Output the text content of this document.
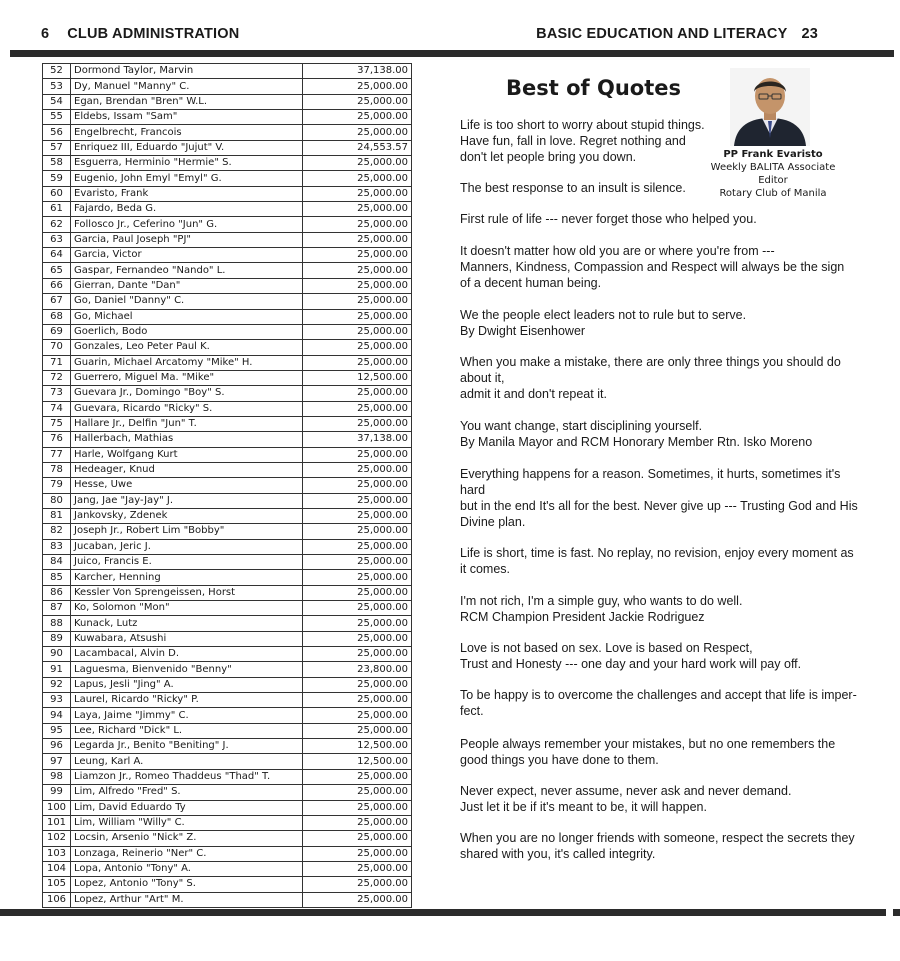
6 CLUB ADMINISTRATION	BASIC EDUCATION AND LITERACY 23
52	Dormond Taylor, Marvin	37,138.00
53	Dy, Manuel "Manny" C.	25,000.00
54	Egan, Brendan "Bren" W.L.	25,000.00
55	Eldebs, Issam "Sam"	25,000.00
56	Engelbrecht, Francois	25,000.00
57	Enriquez III, Eduardo "Jujut" V.	24,553.57
58	Esguerra, Herminio "Hermie" S.	25,000.00
59	Eugenio, John Emyl "Emyl" G.	25,000.00
60	Evaristo, Frank	25,000.00
61	Fajardo, Beda G.	25,000.00
62	Follosco Jr., Ceferino "Jun" G.	25,000.00
63	Garcia, Paul Joseph "PJ"	25,000.00
64	Garcia, Victor	25,000.00
65	Gaspar, Fernandeo "Nando" L.	25,000.00
66	Gierran, Dante "Dan"	25,000.00
67	Go, Daniel "Danny" C.	25,000.00
68	Go, Michael	25,000.00
69	Goerlich, Bodo	25,000.00
70	Gonzales, Leo Peter Paul K.	25,000.00
71	Guarin, Michael Arcatomy "Mike" H.	25,000.00
72	Guerrero, Miguel Ma. "Mike"	12,500.00
73	Guevara Jr., Domingo "Boy" S.	25,000.00
74	Guevara, Ricardo "Ricky" S.	25,000.00
75	Hallare Jr., Delfin "Jun" T.	25,000.00
76	Hallerbach, Mathias	37,138.00
77	Harle, Wolfgang Kurt	25,000.00
78	Hedeager, Knud	25,000.00
79	Hesse, Uwe	25,000.00
80	Jang, Jae "Jay-Jay" J.	25,000.00
81	Jankovsky, Zdenek	25,000.00
82	Joseph Jr., Robert Lim "Bobby"	25,000.00
83	Jucaban, Jeric J.	25,000.00
84	Juico, Francis E.	25,000.00
85	Karcher, Henning	25,000.00
86	Kessler Von Sprengeissen, Horst	25,000.00
87	Ko, Solomon "Mon"	25,000.00
88	Kunack, Lutz	25,000.00
89	Kuwabara, Atsushi	25,000.00
90	Lacambacal, Alvin D.	25,000.00
91	Laguesma, Bienvenido "Benny"	23,800.00
92	Lapus, Jesli "Jing" A.	25,000.00
93	Laurel, Ricardo "Ricky" P.	25,000.00
94	Laya, Jaime "Jimmy" C.	25,000.00
95	Lee, Richard "Dick" L.	25,000.00
96	Legarda Jr., Benito "Beniting" J.	12,500.00
97	Leung, Karl A.	12,500.00
98	Liamzon Jr., Romeo Thaddeus "Thad" T.	25,000.00
99	Lim, Alfredo "Fred" S.	25,000.00
100	Lim, David Eduardo Ty	25,000.00
101	Lim, William "Willy" C.	25,000.00
102	Locsin, Arsenio "Nick" Z.	25,000.00
103	Lonzaga, Reinerio "Ner" C.	25,000.00
104	Lopa, Antonio "Tony" A.	25,000.00
105	Lopez, Antonio "Tony" S.	25,000.00
106	Lopez, Arthur "Art" M.	25,000.00
Best of Quotes
PP Frank Evaristo
Weekly BALITA Associate Editor
Rotary Club of Manila
Life is too short to worry about stupid things.
Have fun, fall in love. Regret nothing and
don't let people bring you down.
The best response to an insult is silence.
First rule of life --- never forget those who helped you.
It doesn't matter how old you are or where you're from ---
Manners, Kindness, Compassion and Respect will always be the sign
of a decent human being.
We the people elect leaders not to rule but to serve.
By Dwight Eisenhower
When you make a mistake, there are only three things you should do
about it,
admit it and don't repeat it.
You want change, start disciplining yourself.
By Manila Mayor and RCM Honorary Member Rtn. Isko Moreno
Everything happens for a reason. Sometimes, it hurts, sometimes it's
hard
but in the end It's all for the best. Never give up --- Trusting God and His
Divine plan.
Life is short, time is fast. No replay, no revision, enjoy every moment as
it comes.
I'm not rich, I'm a simple guy, who wants to do well.
RCM Champion President Jackie Rodriguez
Love is not based on sex. Love is based on Respect,
Trust and Honesty --- one day and your hard work will pay off.
To be happy is to overcome the challenges and accept that life is imper-
fect.
People always remember your mistakes, but no one remembers the
good things you have done to them.
Never expect, never assume, never ask and never demand.
Just let it be if it's meant to be, it will happen.
When you are no longer friends with someone, respect the secrets they
shared with you, it's called integrity.
